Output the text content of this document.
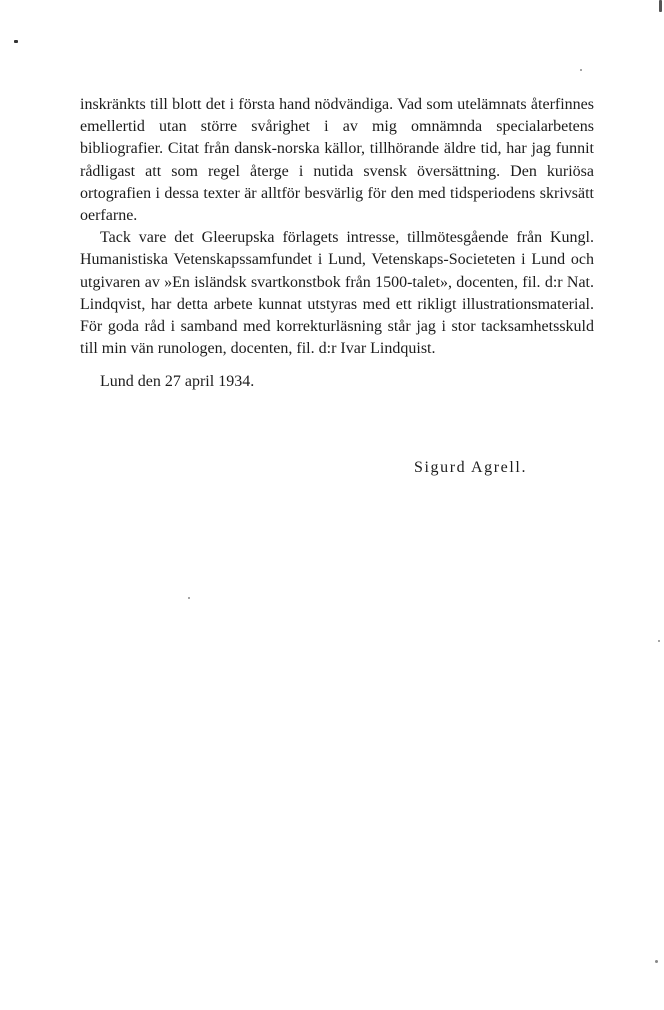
inskränkts till blott det i första hand nödvändiga. Vad som utelämnats återfinnes emellertid utan större svårighet i av mig omnämnda specialarbetens bibliografier. Citat från dansk-norska källor, tillhörande äldre tid, har jag funnit rådligast att som regel återge i nutida svensk översättning. Den kuriösa ortografien i dessa texter är alltför besvärlig för den med tidsperiodens skrivsätt oerfarne.

Tack vare det Gleerupska förlagets intresse, tillmötesgående från Kungl. Humanistiska Vetenskapssamfundet i Lund, Vetenskaps-Societeten i Lund och utgivaren av »En isländsk svartkonstbok från 1500-talet», docenten, fil. d:r Nat. Lindqvist, har detta arbete kunnat utstyras med ett rikligt illustrationsmaterial. För goda råd i samband med korrekturläsning står jag i stor tacksamhetsskuld till min vän runologen, docenten, fil. d:r Ivar Lindquist.

Lund den 27 april 1934.

Sigurd Agrell.
